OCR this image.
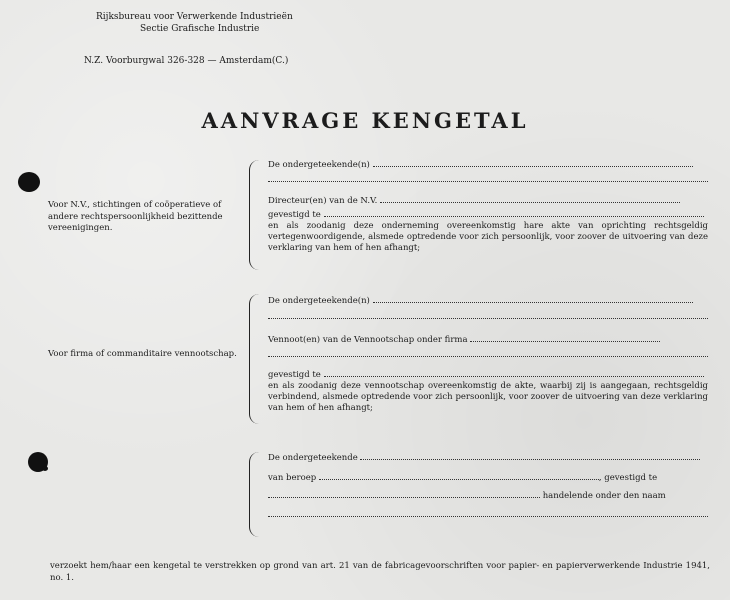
Rijksbureau voor Verwerkende Industrieën
Sectie Grafische Industrie
N.Z. Voorburgwal 326-328 — Amsterdam(C.)
AANVRAGE KENGETAL
Voor N.V., stichtingen of coöperatieve of andere rechtspersoonlijkheid bezittende vereenigingen.
De ondergeteekende(n)
Directeur(en) van de N.V.
gevestigd te
en als zoodanig deze onderneming overeenkomstig hare akte van oprichting rechtsgeldig vertegenwoordigende, alsmede optredende voor zich persoonlijk, voor zoover de uitvoering van deze verklaring van hem of hen afhangt;
Voor firma of commanditaire vennootschap.
De ondergeteekende(n)
Vennoot(en) van de Vennootschap onder firma
gevestigd te
en als zoodanig deze vennootschap overeenkomstig de akte, waarbij zij is aangegaan, rechtsgeldig verbindend, alsmede optredende voor zich persoonlijk, voor zoover de uitvoering van deze verklaring van hem of hen afhangt;
De ondergeteekende
van beroep	, gevestigd te
handelende onder den naam
verzoekt hem/haar een kengetal te verstrekken op grond van art. 21 van de fabricagevoorschriften voor papier- en papierverwerkende Industrie 1941, no. 1.
